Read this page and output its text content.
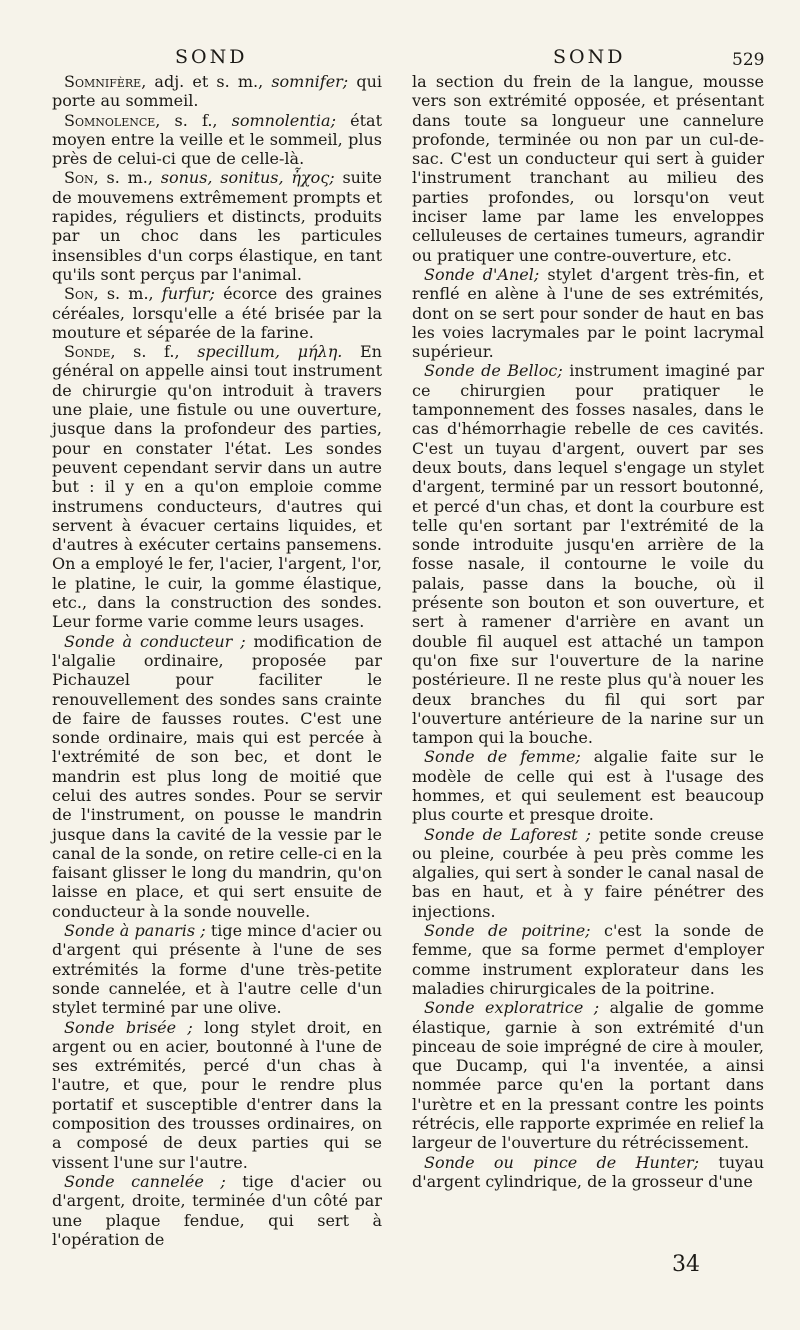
SOND	SOND	529

Somnifère, adj. et s. m., somnifer; qui porte au sommeil.

Somnolence, s. f., somnolentia; état moyen entre la veille et le sommeil, plus près de celui-ci que de celle-là.

Son, s. m., sonus, sonitus, ἦχος; suite de mouvemens extrêmement prompts et rapides, réguliers et distincts, produits par un choc dans les particules insensibles d'un corps élastique, en tant qu'ils sont perçus par l'animal.

Son, s. m., furfur; écorce des graines céréales, lorsqu'elle a été brisée par la mouture et séparée de la farine.

Sonde, s. f., specillum, μήλη. En général on appelle ainsi tout instrument de chirurgie qu'on introduit à travers une plaie, une fistule ou une ouverture, jusque dans la profondeur des parties, pour en constater l'état. Les sondes peuvent cependant servir dans un autre but : il y en a qu'on emploie comme instrumens conducteurs, d'autres qui servent à évacuer certains liquides, et d'autres à exécuter certains pansemens. On a employé le fer, l'acier, l'argent, l'or, le platine, le cuir, la gomme élastique, etc., dans la construction des sondes. Leur forme varie comme leurs usages.

Sonde à conducteur ; modification de l'algalie ordinaire, proposée par Pichauzel pour faciliter le renouvellement des sondes sans crainte de faire de fausses routes. C'est une sonde ordinaire, mais qui est percée à l'extrémité de son bec, et dont le mandrin est plus long de moitié que celui des autres sondes. Pour se servir de l'instrument, on pousse le mandrin jusque dans la cavité de la vessie par le canal de la sonde, on retire celle-ci en la faisant glisser le long du mandrin, qu'on laisse en place, et qui sert ensuite de conducteur à la sonde nouvelle.

Sonde à panaris ; tige mince d'acier ou d'argent qui présente à l'une de ses extrémités la forme d'une très-petite sonde cannelée, et à l'autre celle d'un stylet terminé par une olive.

Sonde brisée ; long stylet droit, en argent ou en acier, boutonné à l'une de ses extrémités, percé d'un chas à l'autre, et que, pour le rendre plus portatif et susceptible d'entrer dans la composition des trousses ordinaires, on a composé de deux parties qui se vissent l'une sur l'autre.

Sonde cannelée ; tige d'acier ou d'argent, droite, terminée d'un côté par une plaque fendue, qui sert à l'opération de

la section du frein de la langue, mousse vers son extrémité opposée, et présentant dans toute sa longueur une cannelure profonde, terminée ou non par un cul-de-sac. C'est un conducteur qui sert à guider l'instrument tranchant au milieu des parties profondes, ou lorsqu'on veut inciser lame par lame les enveloppes celluleuses de certaines tumeurs, agrandir ou pratiquer une contre-ouverture, etc.

Sonde d'Anel; stylet d'argent très-fin, et renflé en alène à l'une de ses extrémités, dont on se sert pour sonder de haut en bas les voies lacrymales par le point lacrymal supérieur.

Sonde de Belloc; instrument imaginé par ce chirurgien pour pratiquer le tamponnement des fosses nasales, dans le cas d'hémorrhagie rebelle de ces cavités. C'est un tuyau d'argent, ouvert par ses deux bouts, dans lequel s'engage un stylet d'argent, terminé par un ressort boutonné, et percé d'un chas, et dont la courbure est telle qu'en sortant par l'extrémité de la sonde introduite jusqu'en arrière de la fosse nasale, il contourne le voile du palais, passe dans la bouche, où il présente son bouton et son ouverture, et sert à ramener d'arrière en avant un double fil auquel est attaché un tampon qu'on fixe sur l'ouverture de la narine postérieure. Il ne reste plus qu'à nouer les deux branches du fil qui sort par l'ouverture antérieure de la narine sur un tampon qui la bouche.

Sonde de femme; algalie faite sur le modèle de celle qui est à l'usage des hommes, et qui seulement est beaucoup plus courte et presque droite.

Sonde de Laforest ; petite sonde creuse ou pleine, courbée à peu près comme les algalies, qui sert à sonder le canal nasal de bas en haut, et à y faire pénétrer des injections.

Sonde de poitrine; c'est la sonde de femme, que sa forme permet d'employer comme instrument explorateur dans les maladies chirurgicales de la poitrine.

Sonde exploratrice ; algalie de gomme élastique, garnie à son extrémité d'un pinceau de soie imprégné de cire à mouler, que Ducamp, qui l'a inventée, a ainsi nommée parce qu'en la portant dans l'urètre et en la pressant contre les points rétrécis, elle rapporte exprimée en relief la largeur de l'ouverture du rétrécissement.

Sonde ou pince de Hunter; tuyau d'argent cylindrique, de la grosseur d'une

34
